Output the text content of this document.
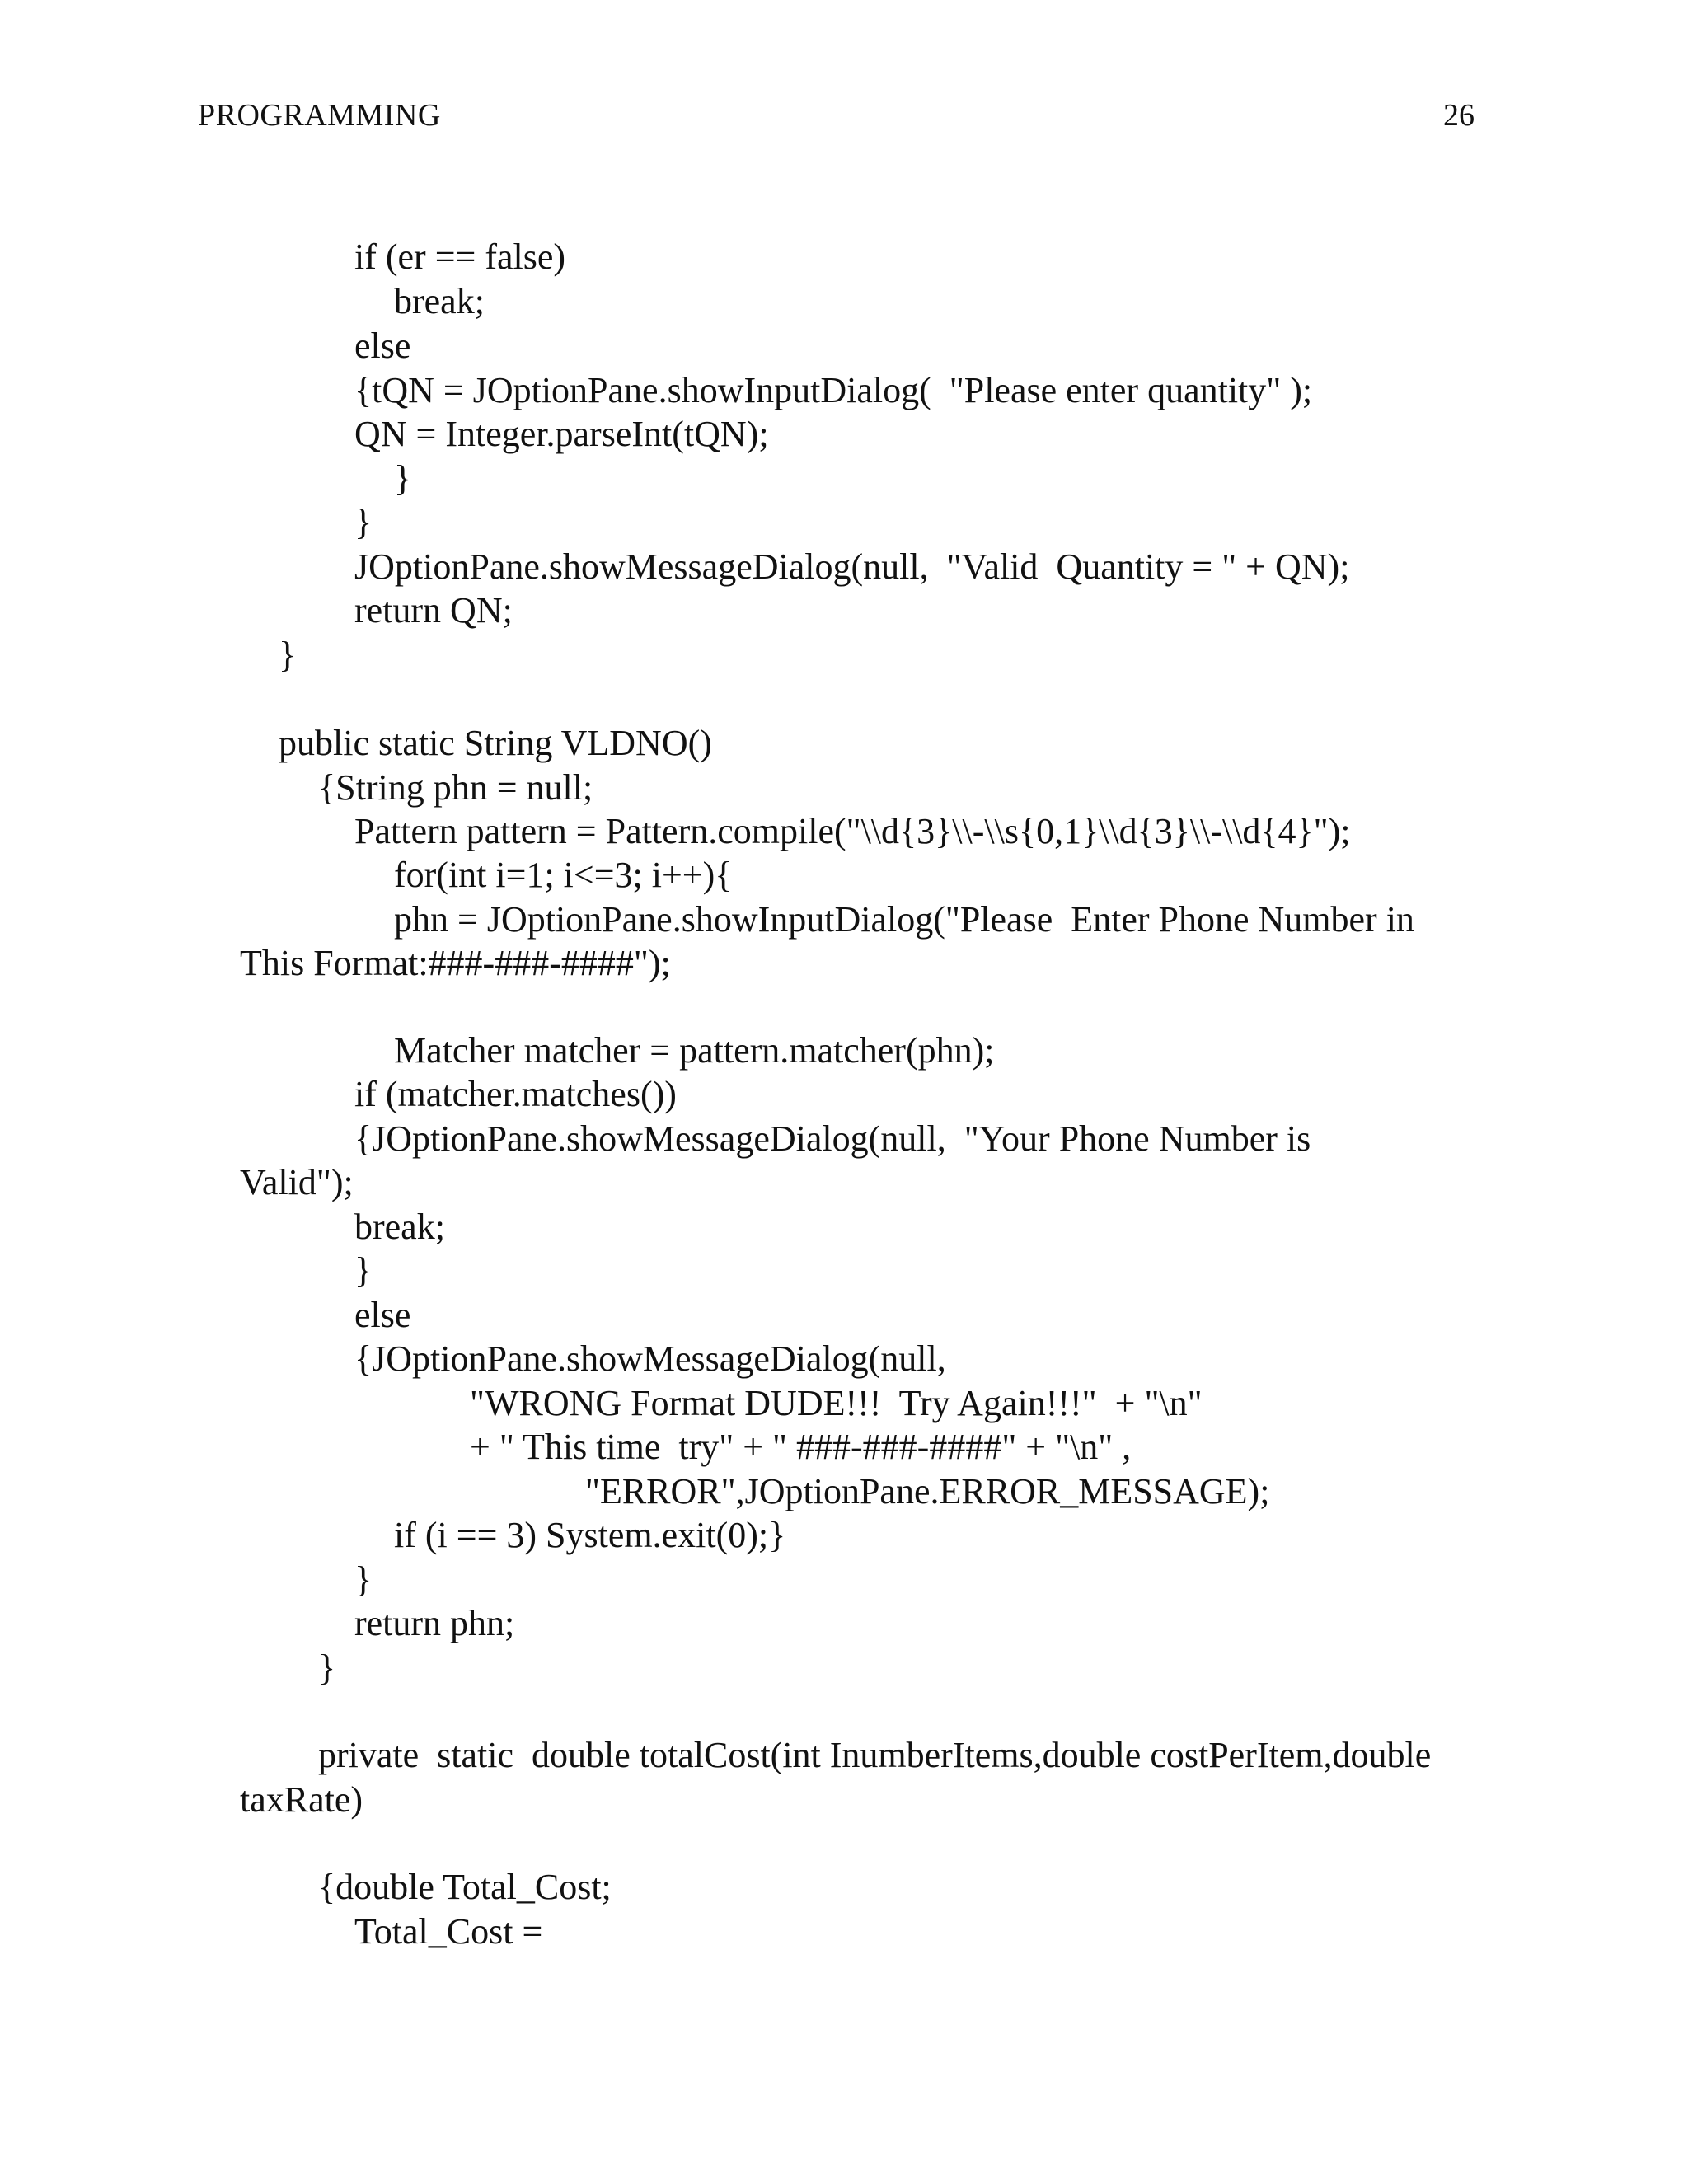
PROGRAMMING	26
if (er == false)
break;
else
{tQN = JOptionPane.showInputDialog(  "Please enter quantity" );
QN = Integer.parseInt(tQN);
}
}
JOptionPane.showMessageDialog(null,  "Valid  Quantity = " + QN);
return QN;
}
public static String VLDNO()
{String phn = null;
Pattern pattern = Pattern.compile("\\d{3}\\-\\s{0,1}\\d{3}\\-\\d{4}");
for(int i=1; i<=3; i++){
phn = JOptionPane.showInputDialog("Please  Enter Phone Number in
This Format:###-###-####");
Matcher matcher = pattern.matcher(phn);
if (matcher.matches())
{JOptionPane.showMessageDialog(null,  "Your Phone Number is
Valid");
break;
}
else
{JOptionPane.showMessageDialog(null,
"WRONG Format DUDE!!!  Try Again!!!"  + "\n"
+ " This time  try" + " ###-###-####" + "\n" ,
"ERROR",JOptionPane.ERROR_MESSAGE);
if (i == 3) System.exit(0);}
}
return phn;
}
private  static  double totalCost(int InumberItems,double costPerItem,double
taxRate)
{double Total_Cost;
Total_Cost =
